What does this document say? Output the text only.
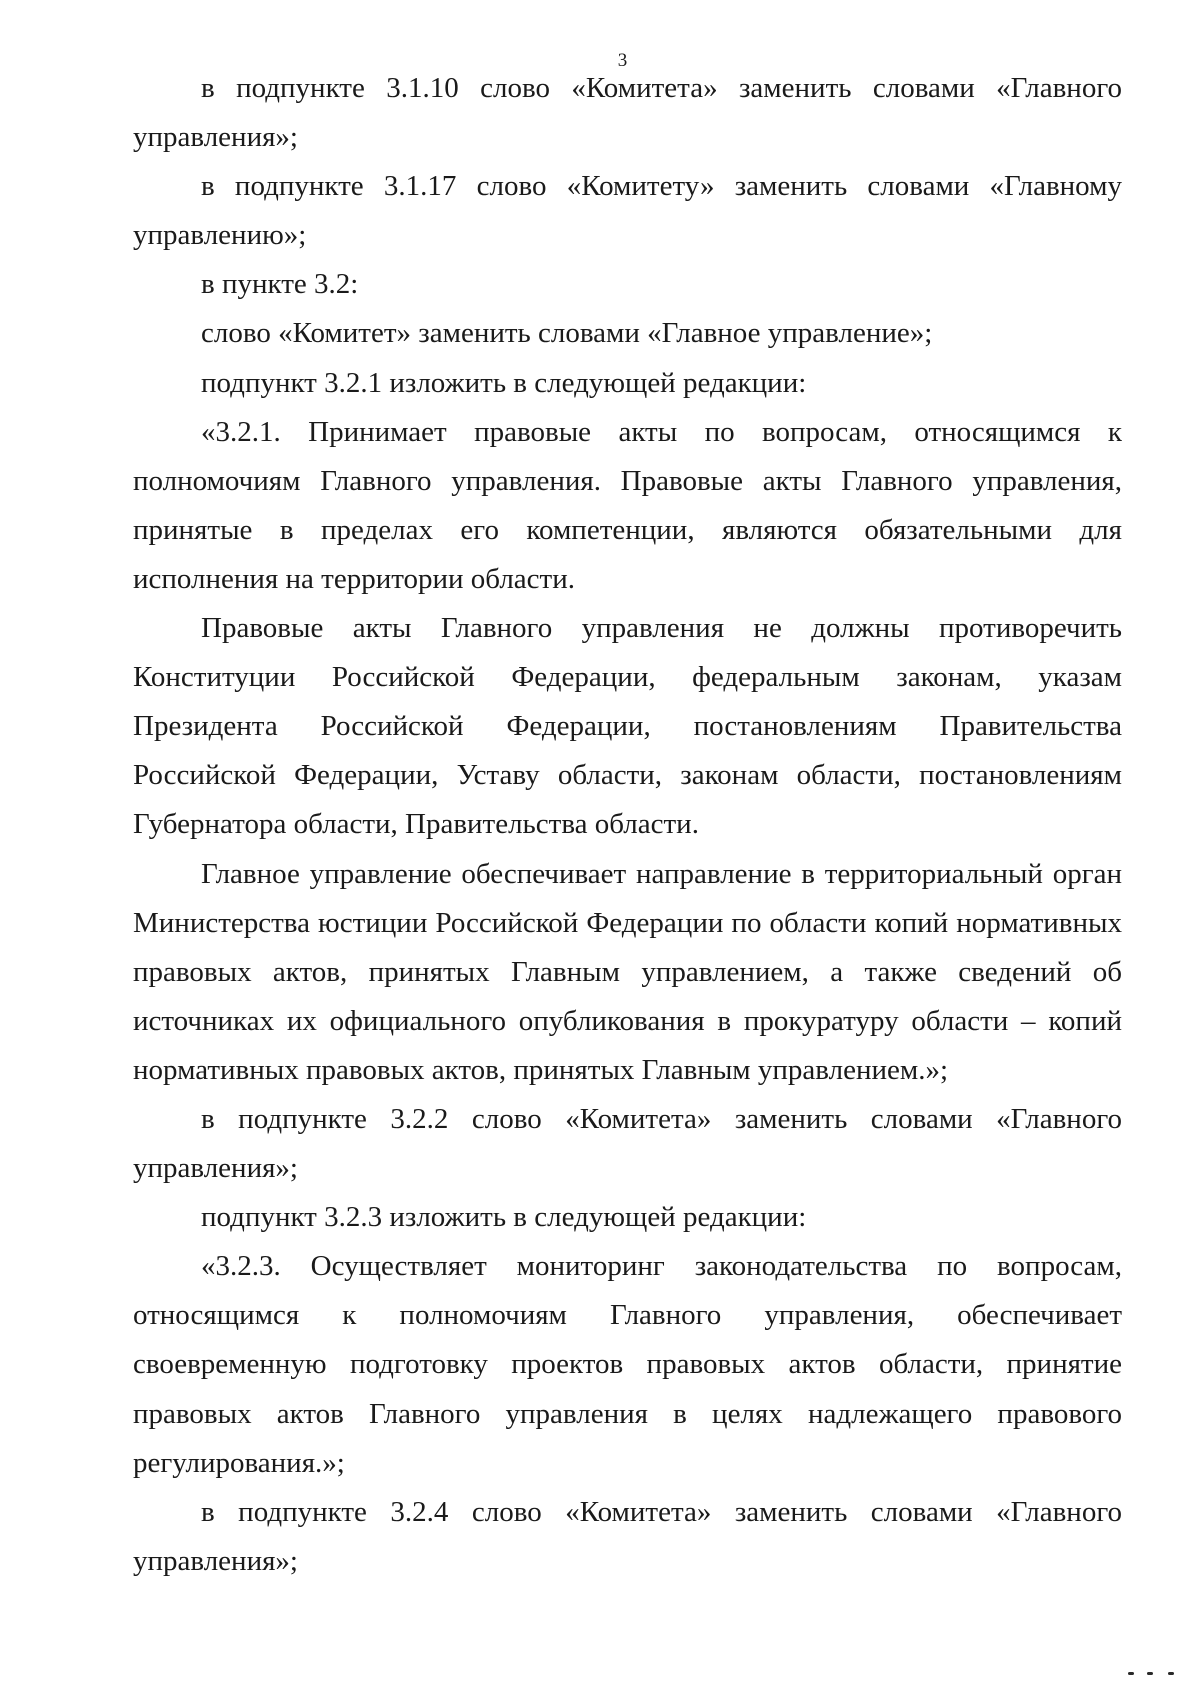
3

в подпункте 3.1.10 слово «Комитета» заменить словами «Главного управления»;

в подпункте 3.1.17 слово «Комитету» заменить словами «Главному управлению»;

в пункте 3.2:

слово «Комитет» заменить словами «Главное управление»;

подпункт 3.2.1 изложить в следующей редакции:

«3.2.1. Принимает правовые акты по вопросам, относящимся к полномочиям Главного управления. Правовые акты Главного управления, принятые в пределах его компетенции, являются обязательными для исполнения на территории области.

Правовые акты Главного управления не должны противоречить Конституции Российской Федерации, федеральным законам, указам Президента Российской Федерации, постановлениям Правительства Российской Федерации, Уставу области, законам области, постановлениям Губернатора области, Правительства области.

Главное управление обеспечивает направление в территориальный орган Министерства юстиции Российской Федерации по области копий нормативных правовых актов, принятых Главным управлением, а также сведений об источниках их официального опубликования в прокуратуру области – копий нормативных правовых актов, принятых Главным управлением.»;

в подпункте 3.2.2 слово «Комитета» заменить словами «Главного управления»;

подпункт 3.2.3 изложить в следующей редакции:

«3.2.3. Осуществляет мониторинг законодательства по вопросам, относящимся к полномочиям Главного управления, обеспечивает своевременную подготовку проектов правовых актов области, принятие правовых актов Главного управления в целях надлежащего правового регулирования.»;

в подпункте 3.2.4 слово «Комитета» заменить словами «Главного управления»;
